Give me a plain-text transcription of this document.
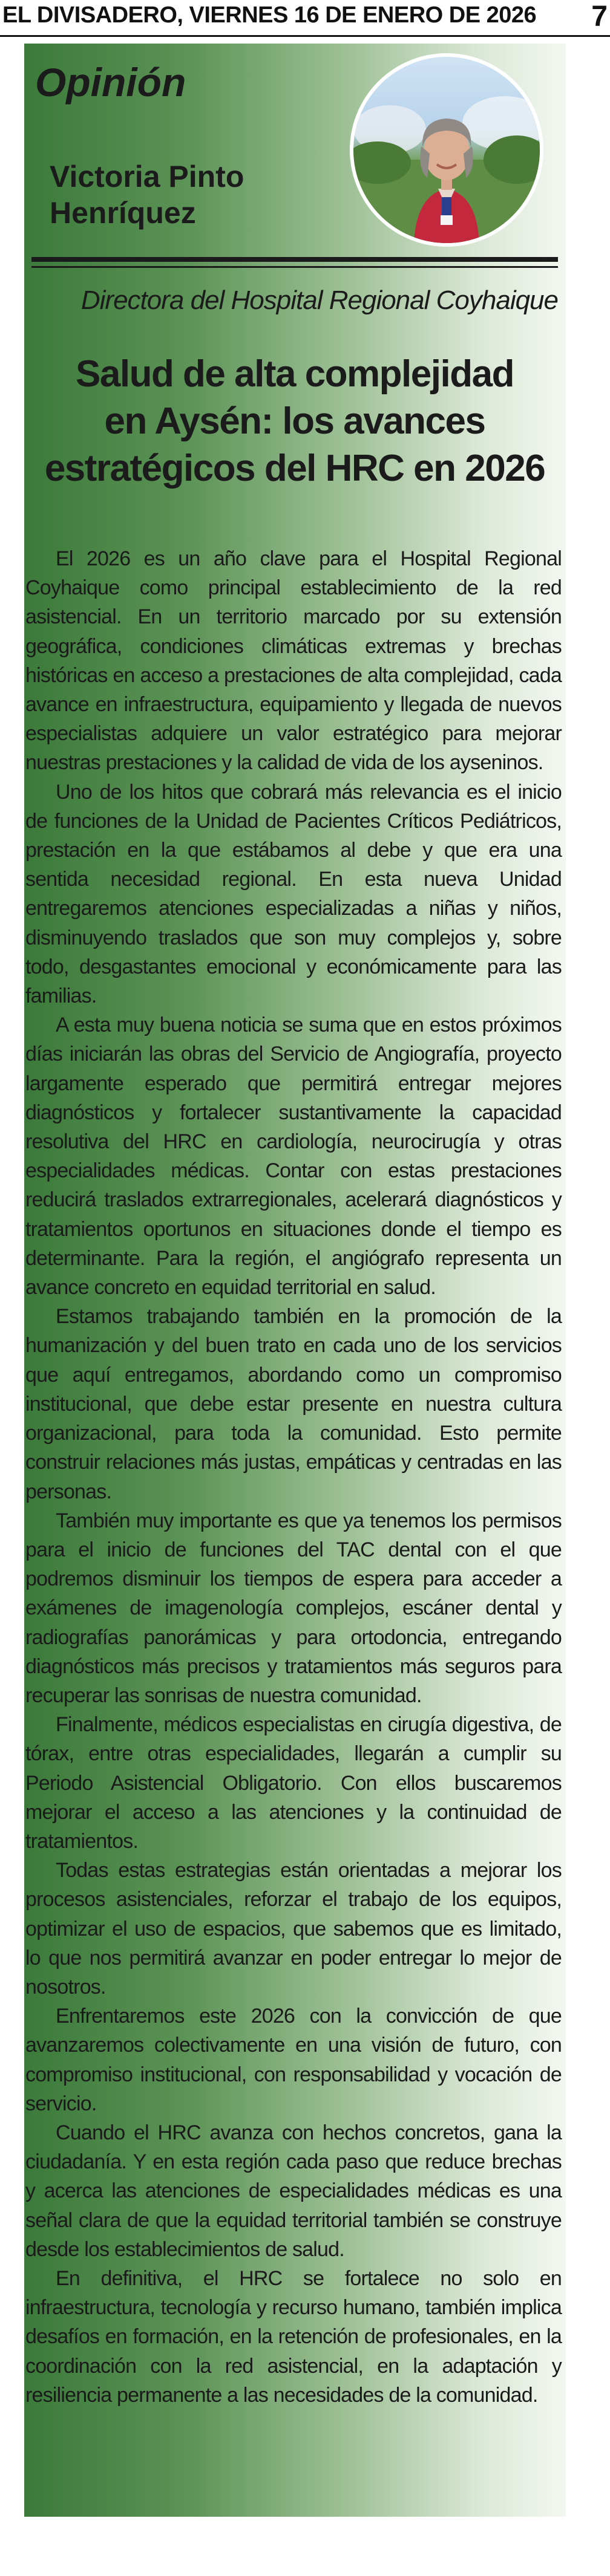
EL DIVISADERO, VIERNES 16 DE ENERO DE 2026 7
Opinión
Victoria Pinto
Henríquez
Directora del Hospital Regional Coyhaique
Salud de alta complejidad
en Aysén: los avances
estratégicos del HRC en 2026

El 2026 es un año clave para el Hospital Regional Coyhaique como principal establecimiento de la red asistencial. En un territorio marcado por su extensión geográfica, condiciones climáticas extremas y brechas históricas en acceso a prestaciones de alta complejidad, cada avance en infraestructura, equipamiento y llegada de nuevos especialistas adquiere un valor estratégico para mejorar nuestras prestaciones y la calidad de vida de los ayseninos.

Uno de los hitos que cobrará más relevancia es el inicio de funciones de la Unidad de Pacientes Críticos Pediátricos, prestación en la que estábamos al debe y que era una sentida necesidad regional. En esta nueva Unidad entregaremos atenciones especializadas a niñas y niños, disminuyendo traslados que son muy complejos y, sobre todo, desgastantes emocional y económicamente para las familias.

A esta muy buena noticia se suma que en estos próximos días iniciarán las obras del Servicio de Angiografía, proyecto largamente esperado que permitirá entregar mejores diagnósticos y fortalecer sustantivamente la capacidad resolutiva del HRC en cardiología, neurocirugía y otras especialidades médicas. Contar con estas prestaciones reducirá traslados extrarregionales, acelerará diagnósticos y tratamientos oportunos en situaciones donde el tiempo es determinante. Para la región, el angiógrafo representa un avance concreto en equidad territorial en salud.

Estamos trabajando también en la promoción de la humanización y del buen trato en cada uno de los servicios que aquí entregamos, abordando como un compromiso institucional, que debe estar presente en nuestra cultura organizacional, para toda la comunidad. Esto permite construir relaciones más justas, empáticas y centradas en las personas.

También muy importante es que ya tenemos los permisos para el inicio de funciones del TAC dental con el que podremos disminuir los tiempos de espera para acceder a exámenes de imagenología complejos, escáner dental y radiografías panorámicas y para ortodoncia, entregando diagnósticos más precisos y tratamientos más seguros para recuperar las sonrisas de nuestra comunidad.

Finalmente, médicos especialistas en cirugía digestiva, de tórax, entre otras especialidades, llegarán a cumplir su Periodo Asistencial Obligatorio. Con ellos buscaremos mejorar el acceso a las atenciones y la continuidad de tratamientos.

Todas estas estrategias están orientadas a mejorar los procesos asistenciales, reforzar el trabajo de los equipos, optimizar el uso de espacios, que sabemos que es limitado, lo que nos permitirá avanzar en poder entregar lo mejor de nosotros.

Enfrentaremos este 2026 con la convicción de que avanzaremos colectivamente en una visión de futuro, con compromiso institucional, con responsabilidad y vocación de servicio.

Cuando el HRC avanza con hechos concretos, gana la ciudadanía. Y en esta región cada paso que reduce brechas y acerca las atenciones de especialidades médicas es una señal clara de que la equidad territorial también se construye desde los establecimientos de salud.

En definitiva, el HRC se fortalece no solo en infraestructura, tecnología y recurso humano, también implica desafíos en formación, en la retención de profesionales, en la coordinación con la red asistencial, en la adaptación y resiliencia permanente a las necesidades de la comunidad.
